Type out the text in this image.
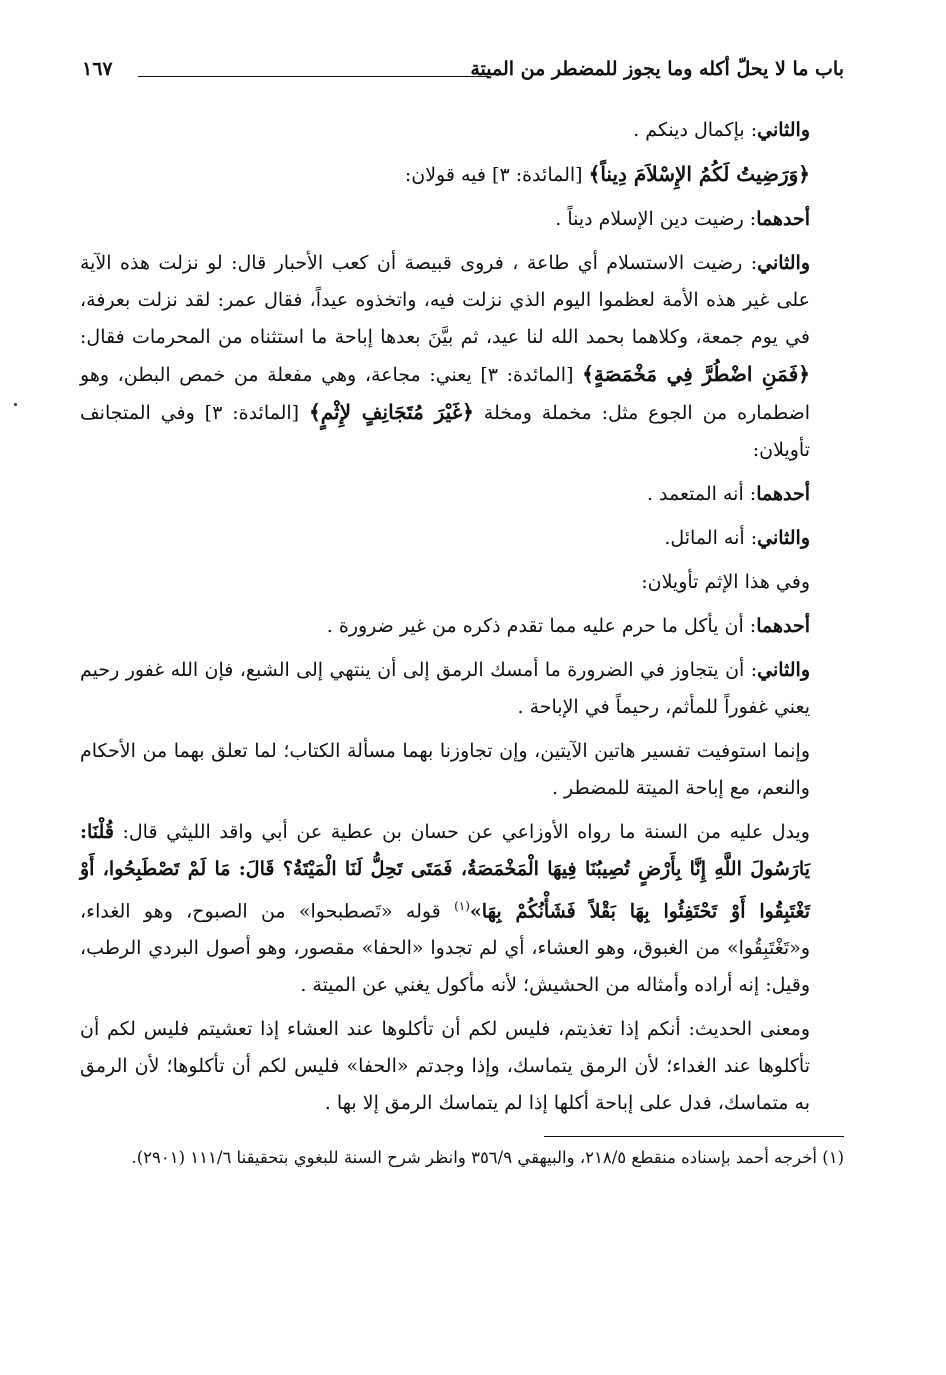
باب ما لا يحلّ أكله وما يجوز للمضطر من الميتة
١٦٧

والثاني: بإكمال دينكم .

﴿وَرَضِيتُ لَكُمُ الإِسْلاَمَ دِيناً﴾ [المائدة: ٣] فيه قولان:

أحدهما: رضيت دين الإسلام ديناً .

والثاني: رضيت الاستسلام أي طاعة ، فروى قبيصة أن كعب الأحبار قال: لو نزلت هذه الآية على غير هذه الأمة لعظموا اليوم الذي نزلت فيه، واتخذوه عيداً، فقال عمر: لقد نزلت بعرفة، في يوم جمعة، وكلاهما بحمد الله لنا عيد، ثم بيَّنَ بعدها إباحة ما استثناه من المحرمات فقال: ﴿فَمَنِ اضْطُرَّ فِي مَخْمَصَةٍ﴾ [المائدة: ٣] يعني: مجاعة، وهي مفعلة من خمص البطن، وهو اضطماره من الجوع مثل: مخملة ومخلة ﴿غَيْرَ مُتَجَانِفٍ لإِثْمٍ﴾ [المائدة: ٣] وفي المتجانف تأويلان:

أحدهما: أنه المتعمد .

والثاني: أنه المائل.

وفي هذا الإثم تأويلان:

أحدهما: أن يأكل ما حرم عليه مما تقدم ذكره من غير ضرورة .

والثاني: أن يتجاوز في الضرورة ما أمسك الرمق إلى أن ينتهي إلى الشبع، فإن الله غفور رحيم يعني غفوراً للمأثم، رحيماً في الإباحة .

وإنما استوفيت تفسير هاتين الآيتين، وإن تجاوزنا بهما مسألة الكتاب؛ لما تعلق بهما من الأحكام والنعم، مع إباحة الميتة للمضطر .

ويدل عليه من السنة ما رواه الأوزاعي عن حسان بن عطية عن أبي واقد الليثي قال: قُلْنَا: يَارَسُولَ اللَّهِ إِنَّا بِأَرْضٍ تُصِيبُنَا فِيهَا الْمَخْمَصَةُ، فَمَتَى تَحِلُّ لَنَا الْمَيْتَةُ؟ قَالَ: مَا لَمْ تَصْطَبِحُوا، أَوْ تَغْتَبِقُوا أَوْ تَحْتَفِئُوا بِهَا بَقْلاً فَشَأْنُكُمْ بِهَا»$^{(١)}$ قوله «تَصطبحوا» من الصبوح، وهو الغداء، و«تَغْتَبِقُوا» من الغبوق، وهو العشاء، أي لم تجدوا «الحفا» مقصور، وهو أصول البردي الرطب، وقيل: إنه أراده وأمثاله من الحشيش؛ لأنه مأكول يغني عن الميتة .

ومعنى الحديث: أنكم إذا تغذيتم، فليس لكم أن تأكلوها عند العشاء إذا تعشيتم فليس لكم أن تأكلوها عند الغداء؛ لأن الرمق يتماسك، وإذا وجدتم «الحفا» فليس لكم أن تأكلوها؛ لأن الرمق به متماسك، فدل على إباحة أكلها إذا لم يتماسك الرمق إلا بها .

(١) أخرجه أحمد بإسناده منقطع ٢١٨/٥، والبيهقي ٣٥٦/٩ وانظر شرح السنة للبغوي بتحقيقنا ١١١/٦ (٢٩٠١).
